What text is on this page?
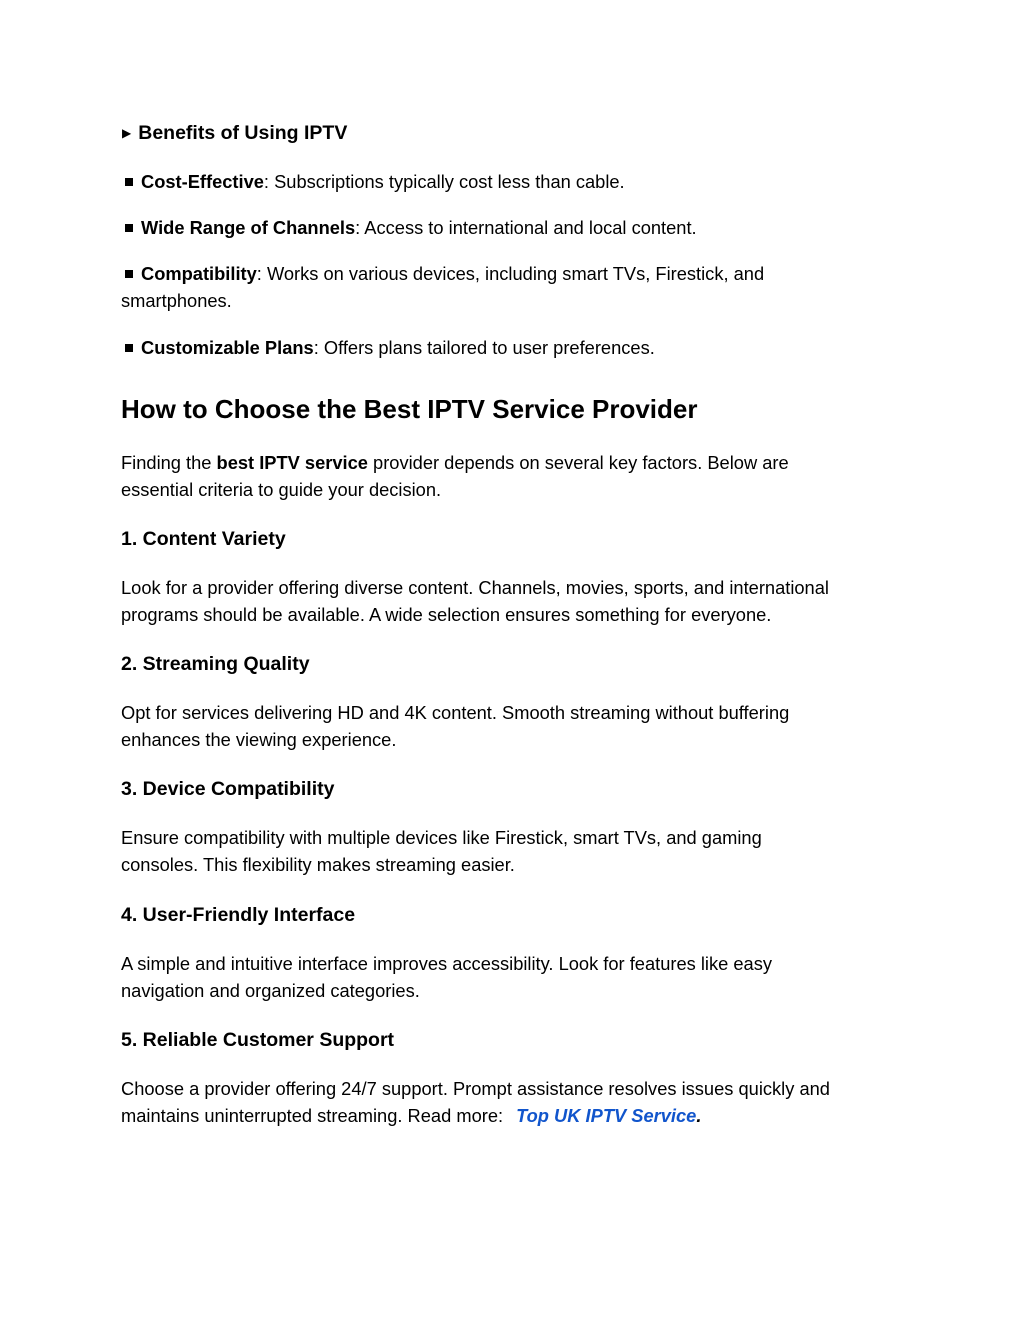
▶ Benefits of Using IPTV
Cost-Effective: Subscriptions typically cost less than cable.
Wide Range of Channels: Access to international and local content.
Compatibility: Works on various devices, including smart TVs, Firestick, and
smartphones.
Customizable Plans: Offers plans tailored to user preferences.
How to Choose the Best IPTV Service Provider
Finding the best IPTV service provider depends on several key factors. Below are
essential criteria to guide your decision.
1. Content Variety
Look for a provider offering diverse content. Channels, movies, sports, and international
programs should be available. A wide selection ensures something for everyone.
2. Streaming Quality
Opt for services delivering HD and 4K content. Smooth streaming without buffering
enhances the viewing experience.
3. Device Compatibility
Ensure compatibility with multiple devices like Firestick, smart TVs, and gaming
consoles. This flexibility makes streaming easier.
4. User-Friendly Interface
A simple and intuitive interface improves accessibility. Look for features like easy
navigation and organized categories.
5. Reliable Customer Support
Choose a provider offering 24/7 support. Prompt assistance resolves issues quickly and
maintains uninterrupted streaming. Read more: Top UK IPTV Service.
